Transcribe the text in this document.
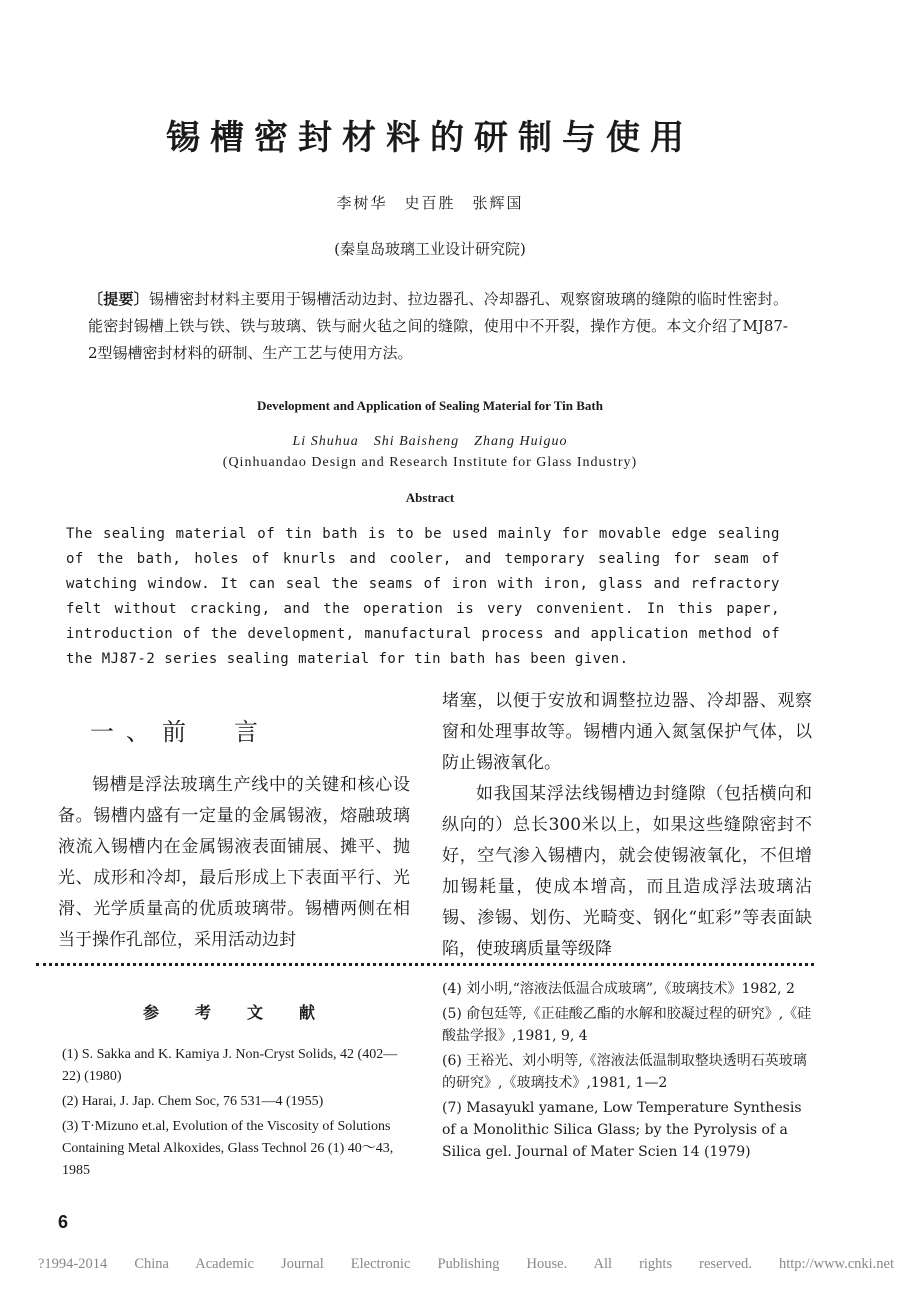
锡槽密封材料的研制与使用
李树华　史百胜　张辉国
(秦皇岛玻璃工业设计研究院)
〔提要〕锡槽密封材料主要用于锡槽活动边封、拉边器孔、冷却器孔、观察窗玻璃的缝隙的临时性密封。能密封锡槽上铁与铁、铁与玻璃、铁与耐火毡之间的缝隙，使用中不开裂，操作方便。本文介绍了MJ87-2型锡槽密封材料的研制、生产工艺与使用方法。
Development and Application of Sealing Material for Tin Bath
Li Shuhua　Shi Baisheng　Zhang Huiguo
(Qinhuandao Design and Research Institute for Glass Industry)
Abstract
The sealing material of tin bath is to be used mainly for movable edge sealing of the bath, holes of knurls and cooler, and temporary sealing for seam of watching window. It can seal the seams of iron with iron, glass and refractory felt without cracking, and the operation is very convenient. In this paper, introduction of the development, manufactural process and application method of the MJ87-2 series sealing material for tin bath has been given.
一、前　言
锡槽是浮法玻璃生产线中的关键和核心设备。锡槽内盛有一定量的金属锡液，熔融玻璃液流入锡槽内在金属锡液表面铺展、摊平、抛光、成形和冷却，最后形成上下表面平行、光滑、光学质量高的优质玻璃带。锡槽两侧在相当于操作孔部位，采用活动边封
堵塞，以便于安放和调整拉边器、冷却器、观察窗和处理事故等。锡槽内通入氮氢保护气体，以防止锡液氧化。
如我国某浮法线锡槽边封缝隙（包括横向和纵向的）总长300米以上，如果这些缝隙密封不好，空气渗入锡槽内，就会使锡液氧化，不但增加锡耗量，使成本增高，而且造成浮法玻璃沾锡、渗锡、划伤、光畸变、钢化“虹彩”等表面缺陷，使玻璃质量等级降
参　考　文　献
(1) S. Sakka and K. Kamiya J. Non-Cryst Solids, 42 (402—22) (1980)
(2) Harai, J. Jap. Chem Soc, 76 531—4 (1955)
(3) T·Mizuno et.al, Evolution of the Viscosity of Solutions Containing Metal Alkoxides, Glass Technol 26 (1) 40～43, 1985
(4) 刘小明,“溶液法低温合成玻璃”,《玻璃技术》1982, 2
(5) 俞包廷等,《正硅酸乙酯的水解和胶凝过程的研究》,《硅酸盐学报》,1981, 9, 4
(6) 王裕光、刘小明等,《溶液法低温制取整块透明石英玻璃的研究》,《玻璃技术》,1981, 1—2
(7) Masayukl yamane, Low Temperature Synthesis of a Monolithic Silica Glass; by the Pyrolysis of a Silica gel. Journal of Mater Scien 14 (1979)
6
?1994-2014 China Academic Journal Electronic Publishing House. All rights reserved. http://www.cnki.net
